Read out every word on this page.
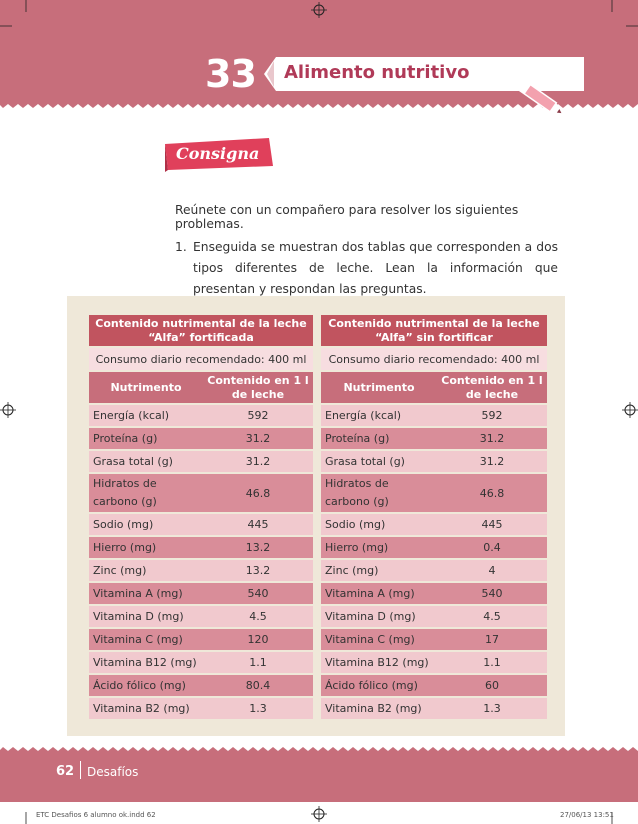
33 Alimento nutritivo
Consigna

Reúnete con un compañero para resolver los siguientes problemas.

1. Enseguida se muestran dos tablas que corresponden a dos tipos diferentes de leche. Lean la información que presentan y respondan las preguntas.
Contenido nutrimental de la leche “Alfa” fortificada	
Consumo diario recomendado: 400 ml	
Nutrimento	Contenido en 1 l de leche
Energía (kcal)	592
Proteína (g)	31.2
Grasa total (g)	31.2
Hidratos de carbono (g)	46.8
Sodio (mg)	445
Hierro (mg)	13.2
Zinc (mg)	13.2
Vitamina A (mg)	540
Vitamina D (mg)	4.5
Vitamina C (mg)	120
Vitamina B12 (mg)	1.1
Ácido fólico (mg)	80.4
Vitamina B2 (mg)	1.3
Contenido nutrimental de la leche “Alfa” sin fortificar	
Consumo diario recomendado: 400 ml	
Nutrimento	Contenido en 1 l de leche
Energía (kcal)	592
Proteína (g)	31.2
Grasa total (g)	31.2
Hidratos de carbono (g)	46.8
Sodio (mg)	445
Hierro (mg)	0.4
Zinc (mg)	4
Vitamina A (mg)	540
Vitamina D (mg)	4.5
Vitamina C (mg)	17
Vitamina B12 (mg)	1.1
Ácido fólico (mg)	60
Vitamina B2 (mg)	1.3
62 Desafíos
ETC Desafios 6 alumno ok.indd 62	27/06/13 13:51
